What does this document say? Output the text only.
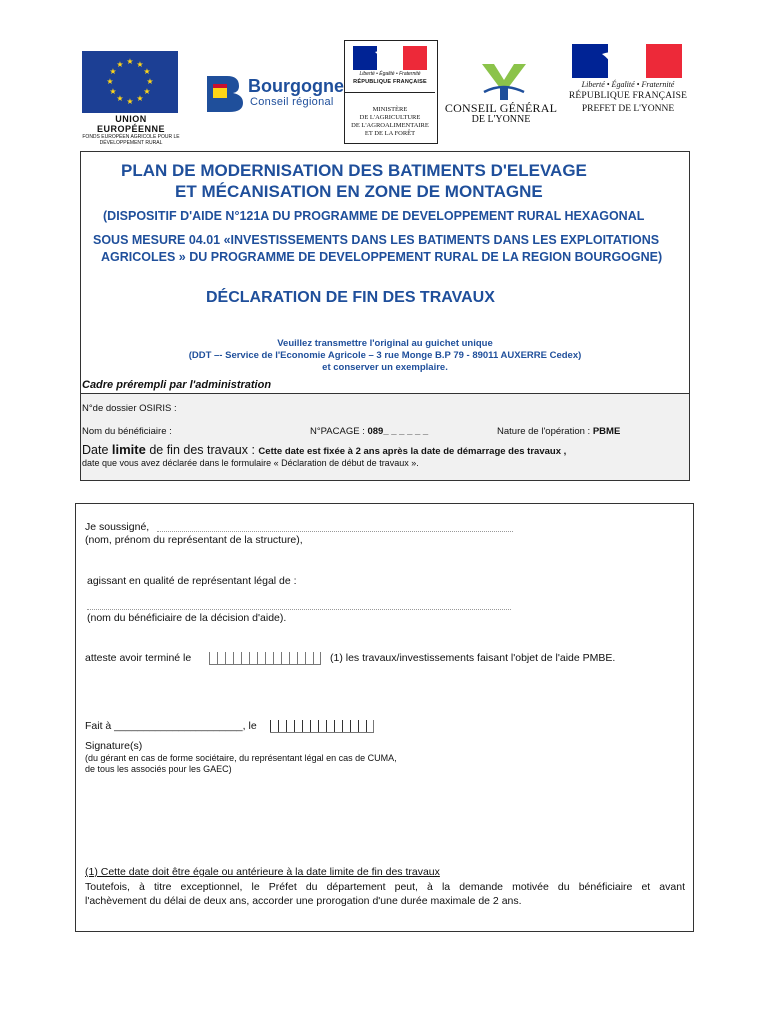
★ ★
★
★
★
★
★
★
★
★
★
★
UNION EUROPÉENNE
FONDS EUROPÉEN AGRICOLE POUR LE DÉVELOPPEMENT RURAL
Bourgogne
Conseil régional
Liberté • Égalité • Fraternité
RÉPUBLIQUE FRANÇAISE
MINISTÈRE
DE L'AGRICULTURE
DE L'AGROALIMENTAIRE
ET DE LA FORÊT
CONSEIL GÉNÉRAL
DE L'YONNE
Liberté • Égalité • Fraternité
RÉPUBLIQUE FRANÇAISE
PREFET DE L'YONNE
PLAN DE MODERNISATION DES BATIMENTS D'ELEVAGE
ET MÉCANISATION EN ZONE DE MONTAGNE
(DISPOSITIF D'AIDE N°121A DU PROGRAMME DE DEVELOPPEMENT RURAL HEXAGONAL
SOUS MESURE 04.01 «INVESTISSEMENTS DANS LES BATIMENTS DANS LES EXPLOITATIONS
AGRICOLES » DU PROGRAMME DE DEVELOPPEMENT RURAL DE LA REGION BOURGOGNE)
DÉCLARATION DE FIN DES TRAVAUX
Veuillez transmettre l'original au guichet unique
(DDT –- Service de l'Economie Agricole – 3 rue Monge B.P 79 - 89011 AUXERRE Cedex)
et conserver un exemplaire.
Cadre prérempli par l'administration
N°de dossier OSIRIS :
Nom du bénéficiaire :	N°PACAGE : 089_ _ _ _ _ _	Nature de l'opération : PBME
Date limite de fin des travaux : Cette date est fixée à 2 ans après la date de démarrage des travaux ,
date que vous avez déclarée dans le formulaire « Déclaration de début de travaux ».
Je soussigné,
(nom, prénom du représentant de la structure),
agissant en qualité de représentant légal de :
(nom du bénéficiaire de la décision d'aide).
atteste avoir terminé le	(1) les travaux/investissements faisant l'objet de l'aide PMBE.
Fait à ______________________, le
Signature(s)
(du gérant en cas de forme sociétaire, du représentant légal en cas de CUMA,
de tous les associés pour les GAEC)
(1) Cette date doit être égale ou antérieure à la date limite de fin des travaux
Toutefois, à titre exceptionnel, le Préfet du département peut, à la demande motivée du bénéficiaire et avant
l'achèvement du délai de deux ans, accorder une prorogation d'une durée maximale de 2 ans.
